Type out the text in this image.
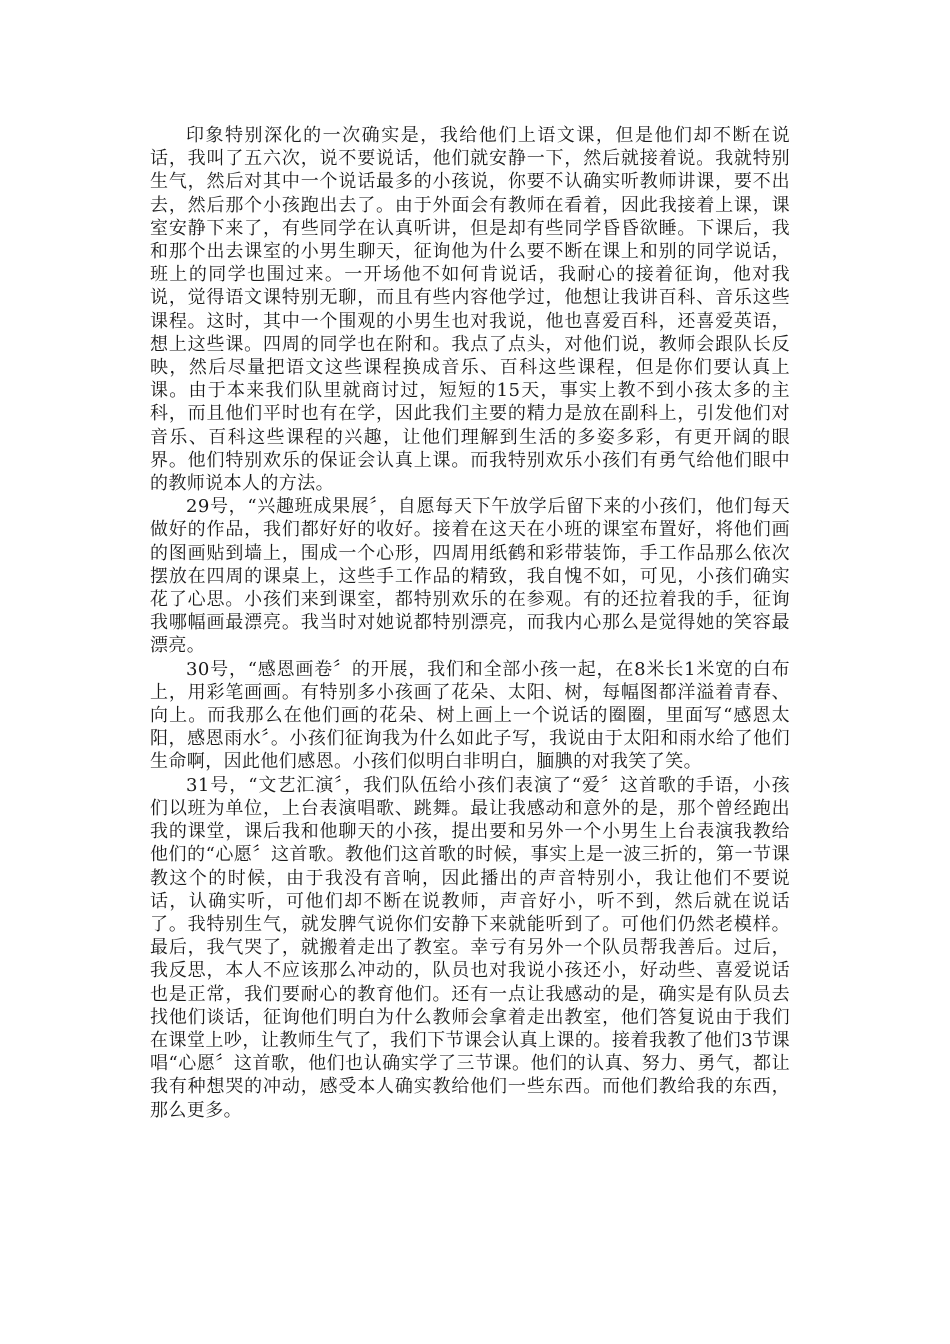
印象特别深化的一次确实是，我给他们上语文课，但是他们却不断在说话，我叫了五六次，说不要说话，他们就安静一下，然后就接着说。我就特别生气，然后对其中一个说话最多的小孩说，你要不认确实听教师讲课，要不出去，然后那个小孩跑出去了。由于外面会有教师在看着，因此我接着上课，课室安静下来了，有些同学在认真听讲，但是却有些同学昏昏欲睡。下课后，我和那个出去课室的小男生聊天，征询他为什么要不断在课上和别的同学说话，班上的同学也围过来。一开场他不如何肯说话，我耐心的接着征询，他对我说，觉得语文课特别无聊，而且有些内容他学过，他想让我讲百科、音乐这些课程。这时，其中一个围观的小男生也对我说，他也喜爱百科，还喜爱英语，想上这些课。四周的同学也在附和。我点了点头，对他们说，教师会跟队长反映，然后尽量把语文这些课程换成音乐、百科这些课程，但是你们要认真上课。由于本来我们队里就商讨过，短短的15天，事实上教不到小孩太多的主科，而且他们平时也有在学，因此我们主要的精力是放在副科上，引发他们对音乐、百科这些课程的兴趣，让他们理解到生活的多姿多彩，有更开阔的眼界。他们特别欢乐的保证会认真上课。而我特别欢乐小孩们有勇气给他们眼中的教师说本人的方法。

29号，“兴趣班成果展〞，自愿每天下午放学后留下来的小孩们，他们每天做好的作品，我们都好好的收好。接着在这天在小班的课室布置好，将他们画的图画贴到墙上，围成一个心形，四周用纸鹤和彩带装饰，手工作品那么依次摆放在四周的课桌上，这些手工作品的精致，我自愧不如，可见，小孩们确实花了心思。小孩们来到课室，都特别欢乐的在参观。有的还拉着我的手，征询我哪幅画最漂亮。我当时对她说都特别漂亮，而我内心那么是觉得她的笑容最漂亮。

30号，“感恩画卷〞的开展，我们和全部小孩一起，在8米长1米宽的白布上，用彩笔画画。有特别多小孩画了花朵、太阳、树，每幅图都洋溢着青春、向上。而我那么在他们画的花朵、树上画上一个说话的圈圈，里面写“感恩太阳，感恩雨水〞。小孩们征询我为什么如此子写，我说由于太阳和雨水给了他们生命啊，因此他们感恩。小孩们似明白非明白，腼腆的对我笑了笑。

31号，“文艺汇演〞，我们队伍给小孩们表演了“爱〞这首歌的手语，小孩们以班为单位，上台表演唱歌、跳舞。最让我感动和意外的是，那个曾经跑出我的课堂，课后我和他聊天的小孩，提出要和另外一个小男生上台表演我教给他们的“心愿〞这首歌。教他们这首歌的时候，事实上是一波三折的，第一节课教这个的时候，由于我没有音响，因此播出的声音特别小，我让他们不要说话，认确实听，可他们却不断在说教师，声音好小，听不到，然后就在说话了。我特别生气，就发脾气说你们安静下来就能听到了。可他们仍然老模样。最后，我气哭了，就搬着走出了教室。幸亏有另外一个队员帮我善后。过后，我反思，本人不应该那么冲动的，队员也对我说小孩还小，好动些、喜爱说话也是正常，我们要耐心的教育他们。还有一点让我感动的是，确实是有队员去找他们谈话，征询他们明白为什么教师会拿着走出教室，他们答复说由于我们在课堂上吵，让教师生气了，我们下节课会认真上课的。接着我教了他们3节课唱“心愿〞这首歌，他们也认确实学了三节课。他们的认真、努力、勇气，都让我有种想哭的冲动，感受本人确实教给他们一些东西。而他们教给我的东西，那么更多。
